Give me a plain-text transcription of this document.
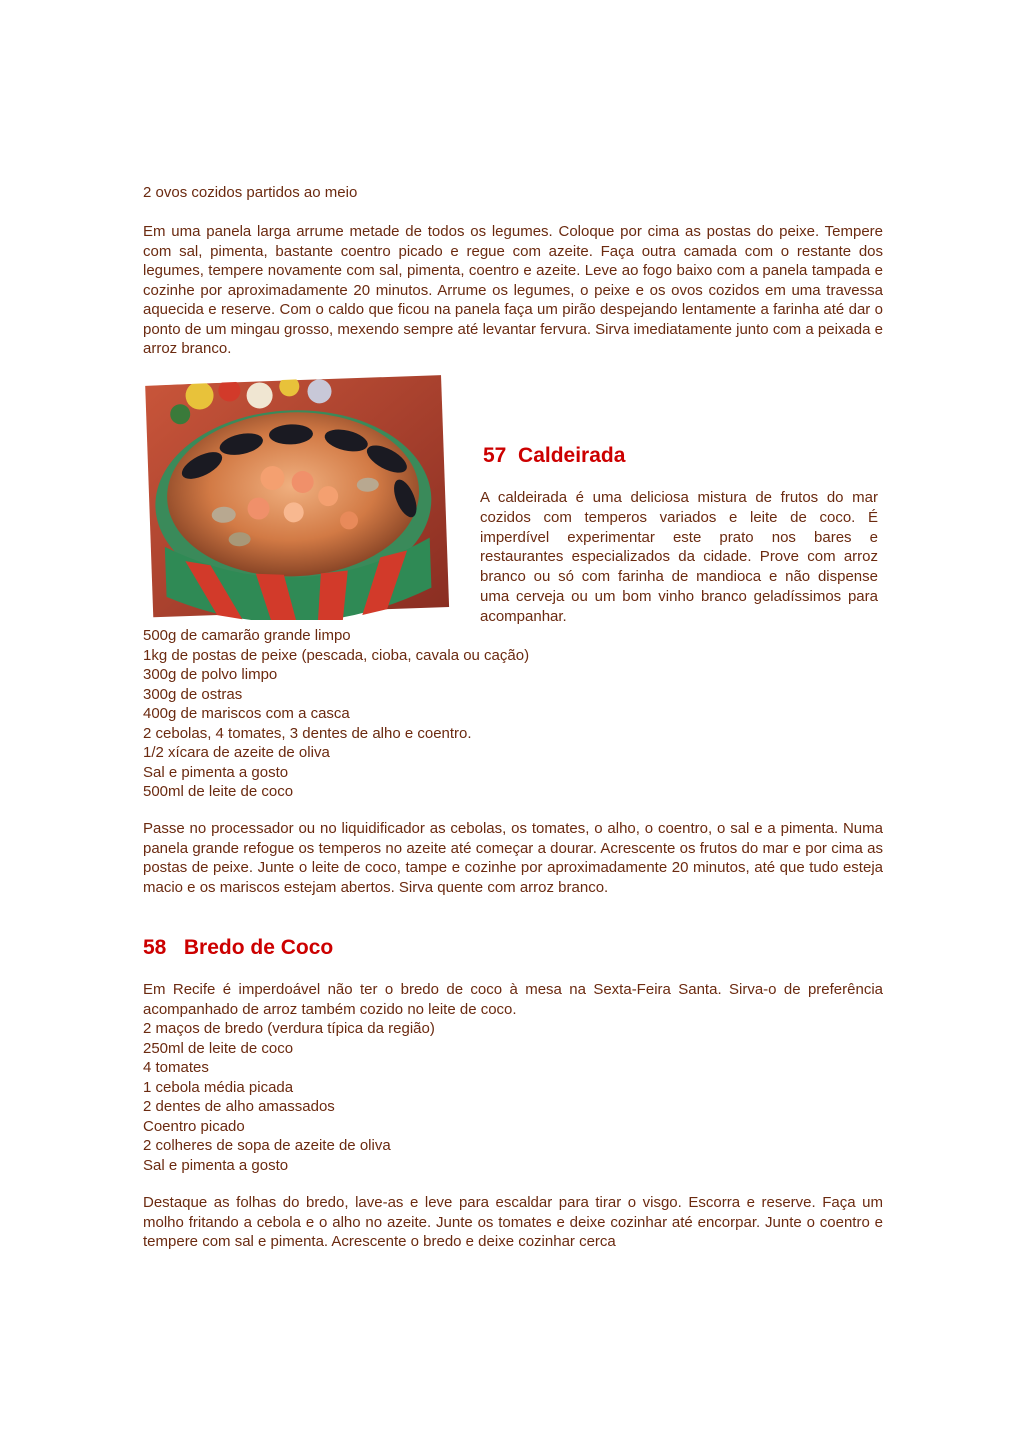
2 ovos cozidos partidos ao meio
Em uma panela larga arrume metade de todos os legumes. Coloque por cima as postas do peixe. Tempere com sal, pimenta, bastante coentro picado e regue com azeite. Faça outra camada com o restante dos legumes, tempere novamente com sal, pimenta, coentro e azeite. Leve ao fogo baixo com a panela tampada e cozinhe por aproximadamente 20 minutos. Arrume os legumes, o peixe e os ovos cozidos em uma travessa aquecida e reserve. Com o caldo que ficou na panela faça um pirão despejando lentamente a farinha até dar o ponto de um mingau grosso, mexendo sempre até levantar fervura. Sirva imediatamente junto com a peixada e arroz branco.
57 Caldeirada
A caldeirada é uma deliciosa mistura de frutos do mar cozidos com temperos variados e leite de coco. É imperdível experimentar este prato nos bares e restaurantes especializados da cidade. Prove com arroz branco ou só com farinha de mandioca e não dispense uma cerveja ou um bom vinho branco geladíssimos para acompanhar.
500g de camarão grande limpo
1kg de postas de peixe (pescada, cioba, cavala ou cação)
300g de polvo limpo
300g de ostras
400g de mariscos com a casca
2 cebolas, 4 tomates, 3 dentes de alho e coentro.
1/2 xícara de azeite de oliva
Sal e pimenta a gosto
500ml de leite de coco
Passe no processador ou no liquidificador as cebolas, os tomates, o alho, o coentro, o sal e a pimenta. Numa panela grande refogue os temperos no azeite até começar a dourar. Acrescente os frutos do mar e por cima as postas de peixe. Junte o leite de coco, tampe e cozinhe por aproximadamente 20 minutos, até que tudo esteja macio e os mariscos estejam abertos. Sirva quente com arroz branco.
58 Bredo de Coco
Em Recife é imperdoável não ter o bredo de coco à mesa na Sexta-Feira Santa. Sirva-o de preferência acompanhado de arroz também cozido no leite de coco.
2 maços de bredo (verdura típica da região)
250ml de leite de coco
4 tomates
1 cebola média picada
2 dentes de alho amassados
Coentro picado
2 colheres de sopa de azeite de oliva
Sal e pimenta a gosto
Destaque as folhas do bredo, lave-as e leve para escaldar para tirar o visgo. Escorra e reserve. Faça um molho fritando a cebola e o alho no azeite. Junte os tomates e deixe cozinhar até encorpar. Junte o coentro e tempere com sal e pimenta. Acrescente o bredo e deixe cozinhar cerca
